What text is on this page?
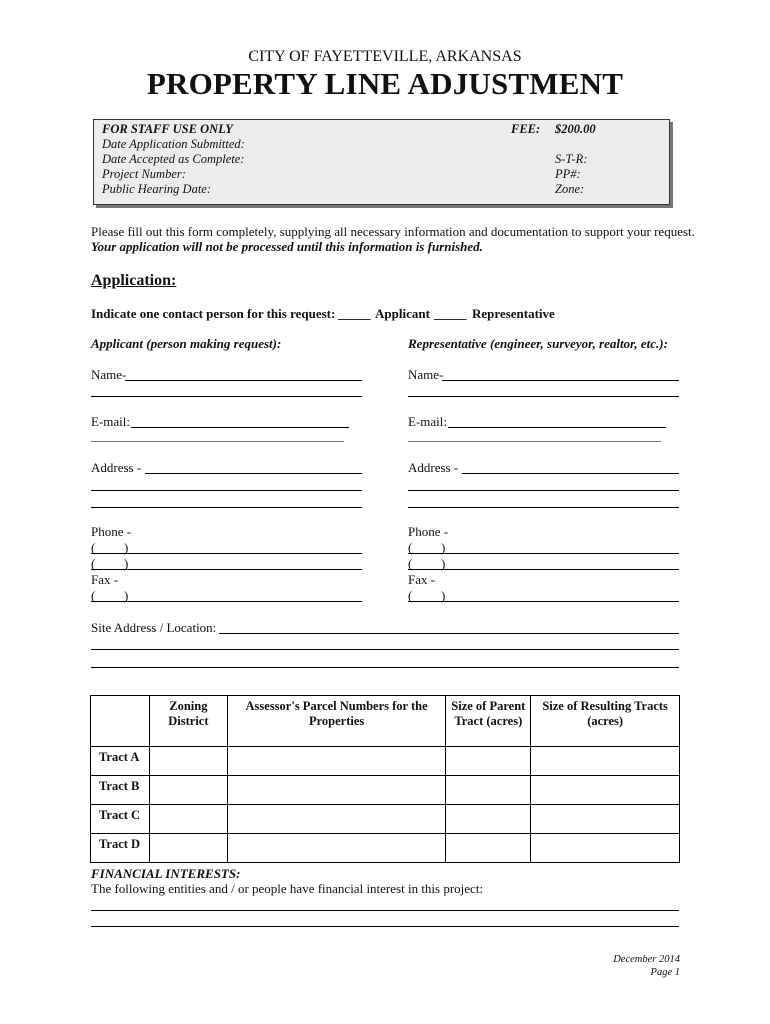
CITY OF FAYETTEVILLE, ARKANSAS
PROPERTY LINE ADJUSTMENT
FOR STAFF USE ONLY
Date Application Submitted:
Date Accepted as Complete:
Project Number:
Public Hearing Date:
FEE: $200.00
S-T-R:
PP#:
Zone:
Please fill out this form completely, supplying all necessary information and documentation to support your request.
Your application will not be processed until this information is furnished.
Application:
Indicate one contact person for this request: _____ Applicant _____ Representative
Applicant (person making request):	Representative (engineer, surveyor, realtor, etc.):
Name-
E-mail:
Address -
Phone -
( )
( )
Fax -
( )
Name-
E-mail:
Address -
Phone -
( )
( )
Fax -
( )
Site Address / Location:
	Zoning District	Assessor's Parcel Numbers for the Properties	Size of Parent Tract (acres)	Size of Resulting Tracts (acres)
Tract A				
Tract B				
Tract C				
Tract D				
FINANCIAL INTERESTS:
The following entities and / or people have financial interest in this project:
December 2014
Page 1
